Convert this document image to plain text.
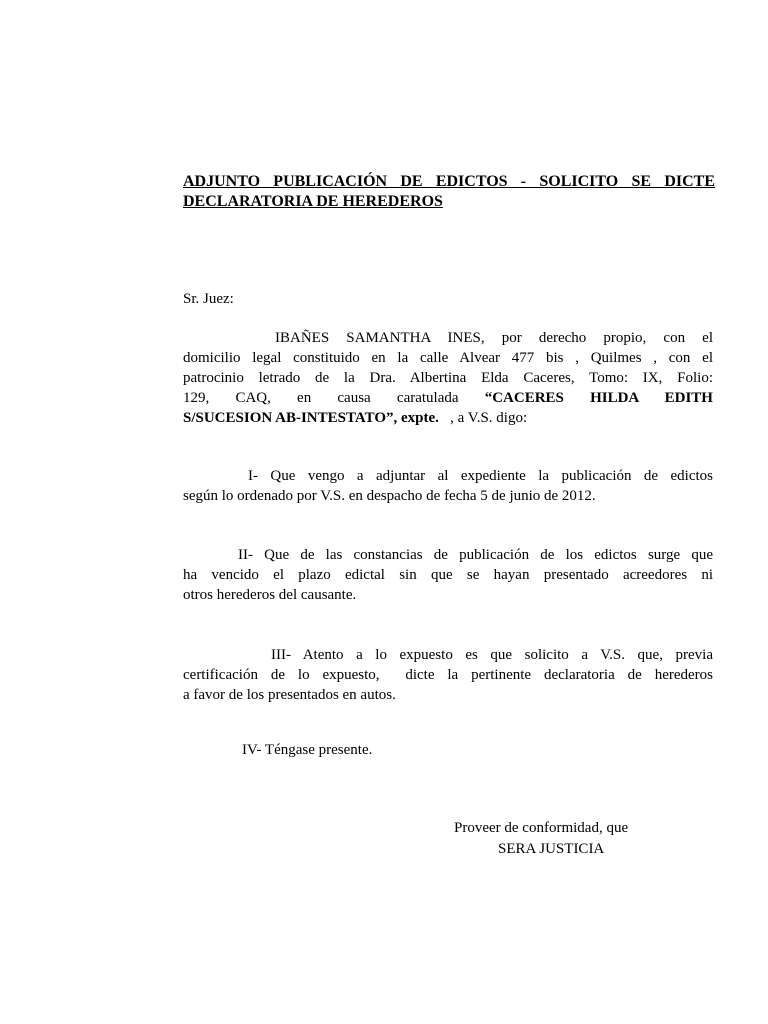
ADJUNTO PUBLICACIÓN DE EDICTOS - SOLICITO SE DICTE
DECLARATORIA DE HEREDEROS
Sr. Juez:
IBAÑES SAMANTHA INES, por derecho propio, con el
domicilio legal constituido en la calle Alvear 477 bis , Quilmes , con el
patrocinio letrado de la Dra. Albertina Elda Caceres, Tomo: IX, Folio:
129, CAQ, en causa caratulada “CACERES HILDA EDITH
S/SUCESION AB-INTESTATO”, expte.   , a V.S. digo:
I- Que vengo a adjuntar al expediente la publicación de edictos
según lo ordenado por V.S. en despacho de fecha 5 de junio de 2012.
II- Que de las constancias de publicación de los edictos surge que
ha vencido el plazo edictal sin que se hayan presentado acreedores ni
otros herederos del causante.
III- Atento a lo expuesto es que solicito a V.S. que, previa
certificación de lo expuesto,  dicte la pertinente declaratoria de herederos
a favor de los presentados en autos.
IV- Téngase presente.
Proveer de conformidad, que
SERA JUSTICIA
